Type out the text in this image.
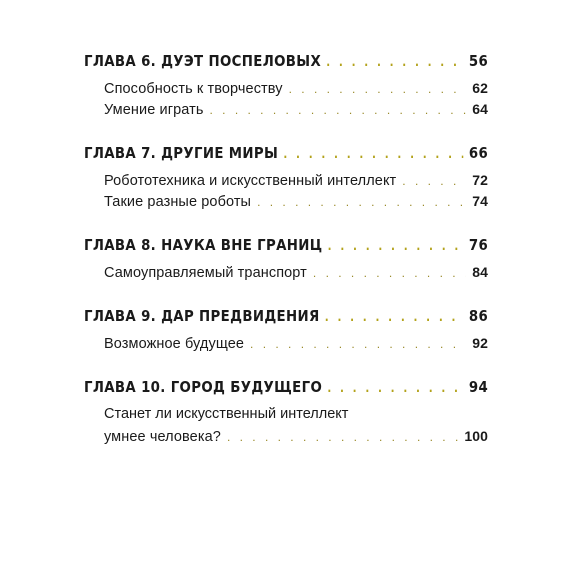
ГЛАВА 6. ДУЭТ ПОСПЕЛОВЫХ . . .	56
Способность к творчеству . . .	62
Умение играть . . .	64
ГЛАВА 7. ДРУГИЕ МИРЫ . . .	66
Робототехника и искусственный интеллект . . .	72
Такие разные роботы . . .	74
ГЛАВА 8. НАУКА ВНЕ ГРАНИЦ . . .	76
Самоуправляемый транспорт . . .	84
ГЛАВА 9. ДАР ПРЕДВИДЕНИЯ . . .	86
Возможное будущее . . .	92
ГЛАВА 10. ГОРОД БУДУЩЕГО . . .	94
Станет ли искусственный интеллект
умнее человека? . . .	100
